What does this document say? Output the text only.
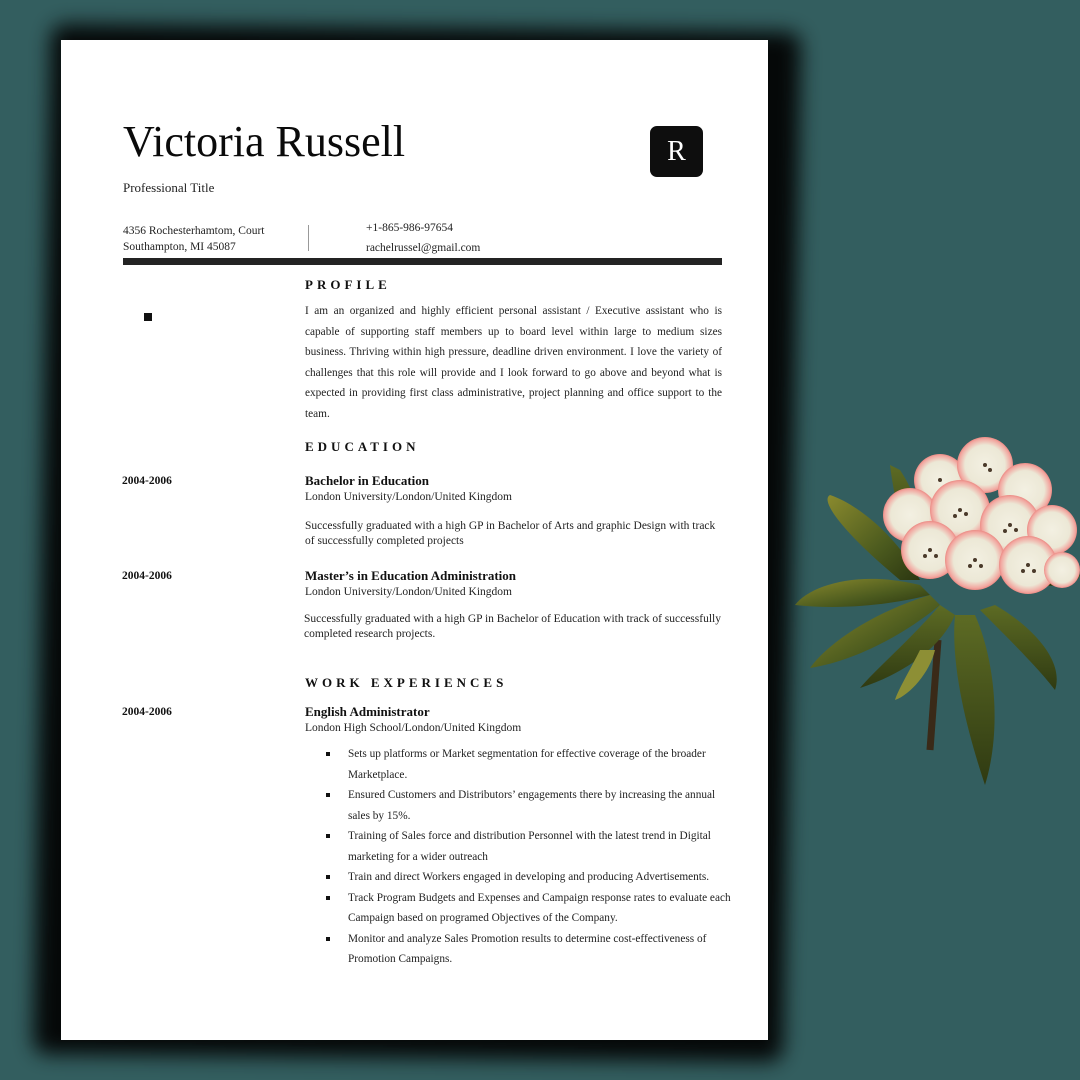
Victoria Russell
Professional Title
R
4356 Rochesterhamtom, Court
Southampton, MI 45087
+1-865-986-97654
rachelrussel@gmail.com
PROFILE
I am an organized and highly efficient personal assistant / Executive assistant who is capable of supporting staff members up to board level within large to medium sizes business. Thriving within high pressure, deadline driven environment. I love the variety of challenges that this role will provide and I look forward to go above and beyond what is expected in providing first class administrative, project planning and office support to the team.
EDUCATION
2004-2006	Bachelor in Education
London University/London/United Kingdom
Successfully graduated with a high GP in Bachelor of Arts and graphic Design with track of successfully completed projects
2004-2006	Master’s in Education Administration
London University/London/United Kingdom
Successfully graduated with a high GP in Bachelor of Education with track of successfully completed research projects.
WORK EXPERIENCES
2004-2006	English Administrator
London High School/London/United Kingdom
Sets up platforms or Market segmentation for effective coverage of the broader Marketplace.
Ensured Customers and Distributors’ engagements there by increasing the annual sales by 15%.
Training of Sales force and distribution Personnel with the latest trend in Digital marketing for a wider outreach
Train and direct Workers engaged in developing and producing Advertisements.
Track Program Budgets and Expenses and Campaign response rates to evaluate each Campaign based on programed Objectives of the Company.
Monitor and analyze Sales Promotion results to determine cost-effectiveness of Promotion Campaigns.
